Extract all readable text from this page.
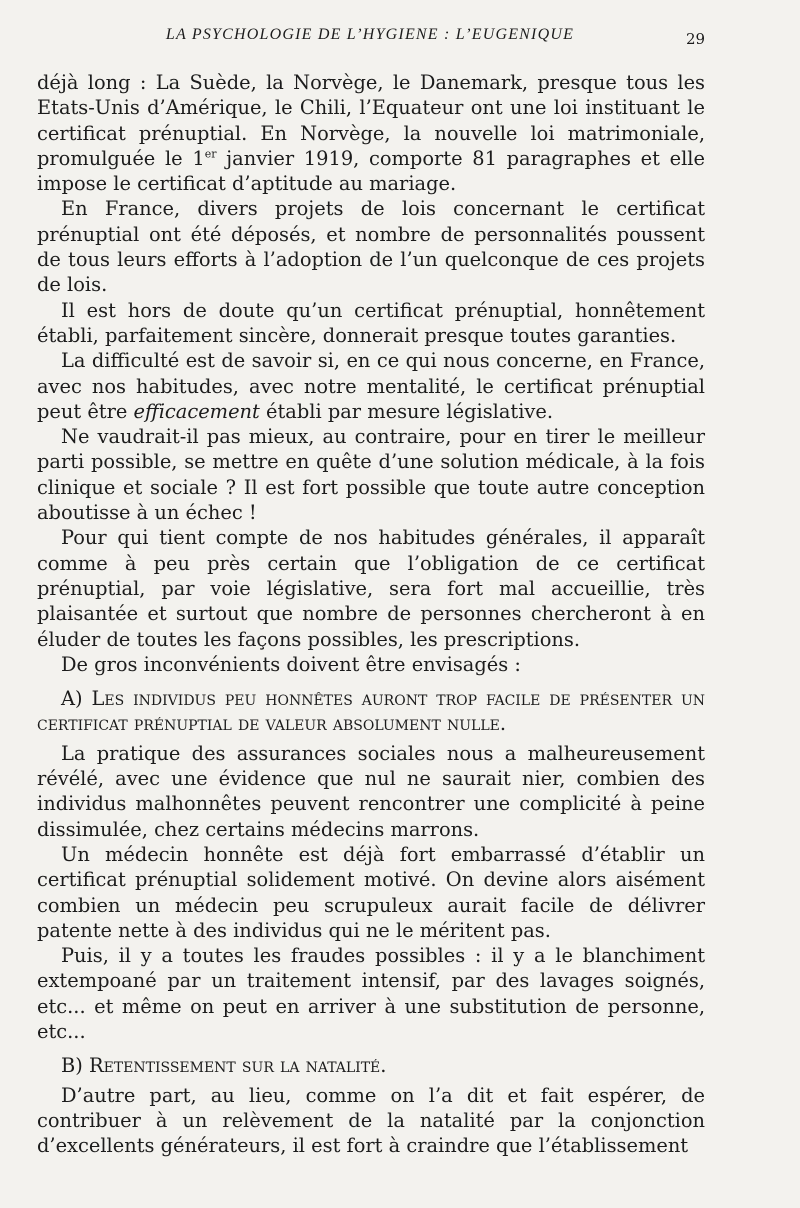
LA PSYCHOLOGIE DE L’HYGIENE : L’EUGENIQUE	29

déjà long : La Suède, la Norvège, le Danemark, presque tous les Etats-Unis d’Amérique, le Chili, l’Equateur ont une loi instituant le certificat prénuptial. En Norvège, la nouvelle loi matrimoniale, promulguée le 1er janvier 1919, comporte 81 paragraphes et elle impose le certificat d’aptitude au mariage.

En France, divers projets de lois concernant le certificat prénuptial ont été déposés, et nombre de personnalités poussent de tous leurs efforts à l’adoption de l’un quelconque de ces projets de lois.

Il est hors de doute qu’un certificat prénuptial, honnêtement établi, parfaitement sincère, donnerait presque toutes garanties.

La difficulté est de savoir si, en ce qui nous concerne, en France, avec nos habitudes, avec notre mentalité, le certificat prénuptial peut être efficacement établi par mesure législative.

Ne vaudrait-il pas mieux, au contraire, pour en tirer le meilleur parti possible, se mettre en quête d’une solution médicale, à la fois clinique et sociale ? Il est fort possible que toute autre conception aboutisse à un échec !

Pour qui tient compte de nos habitudes générales, il apparaît comme à peu près certain que l’obligation de ce certificat prénuptial, par voie législative, sera fort mal accueillie, très plaisantée et surtout que nombre de personnes chercheront à en éluder de toutes les façons possibles, les prescriptions.

De gros inconvénients doivent être envisagés :

A) Les individus peu honnêtes auront trop facile de présenter un certificat prénuptial de valeur absolument nulle.

La pratique des assurances sociales nous a malheureusement révélé, avec une évidence que nul ne saurait nier, combien des individus malhonnêtes peuvent rencontrer une complicité à peine dissimulée, chez certains médecins marrons.

Un médecin honnête est déjà fort embarrassé d’établir un certificat prénuptial solidement motivé. On devine alors aisément combien un médecin peu scrupuleux aurait facile de délivrer patente nette à des individus qui ne le méritent pas.

Puis, il y a toutes les fraudes possibles : il y a le blanchiment extempoané par un traitement intensif, par des lavages soignés, etc... et même on peut en arriver à une substitution de personne, etc...

B) Retentissement sur la natalité.

D’autre part, au lieu, comme on l’a dit et fait espérer, de contribuer à un relèvement de la natalité par la conjonction d’excellents générateurs, il est fort à craindre que l’établissement
